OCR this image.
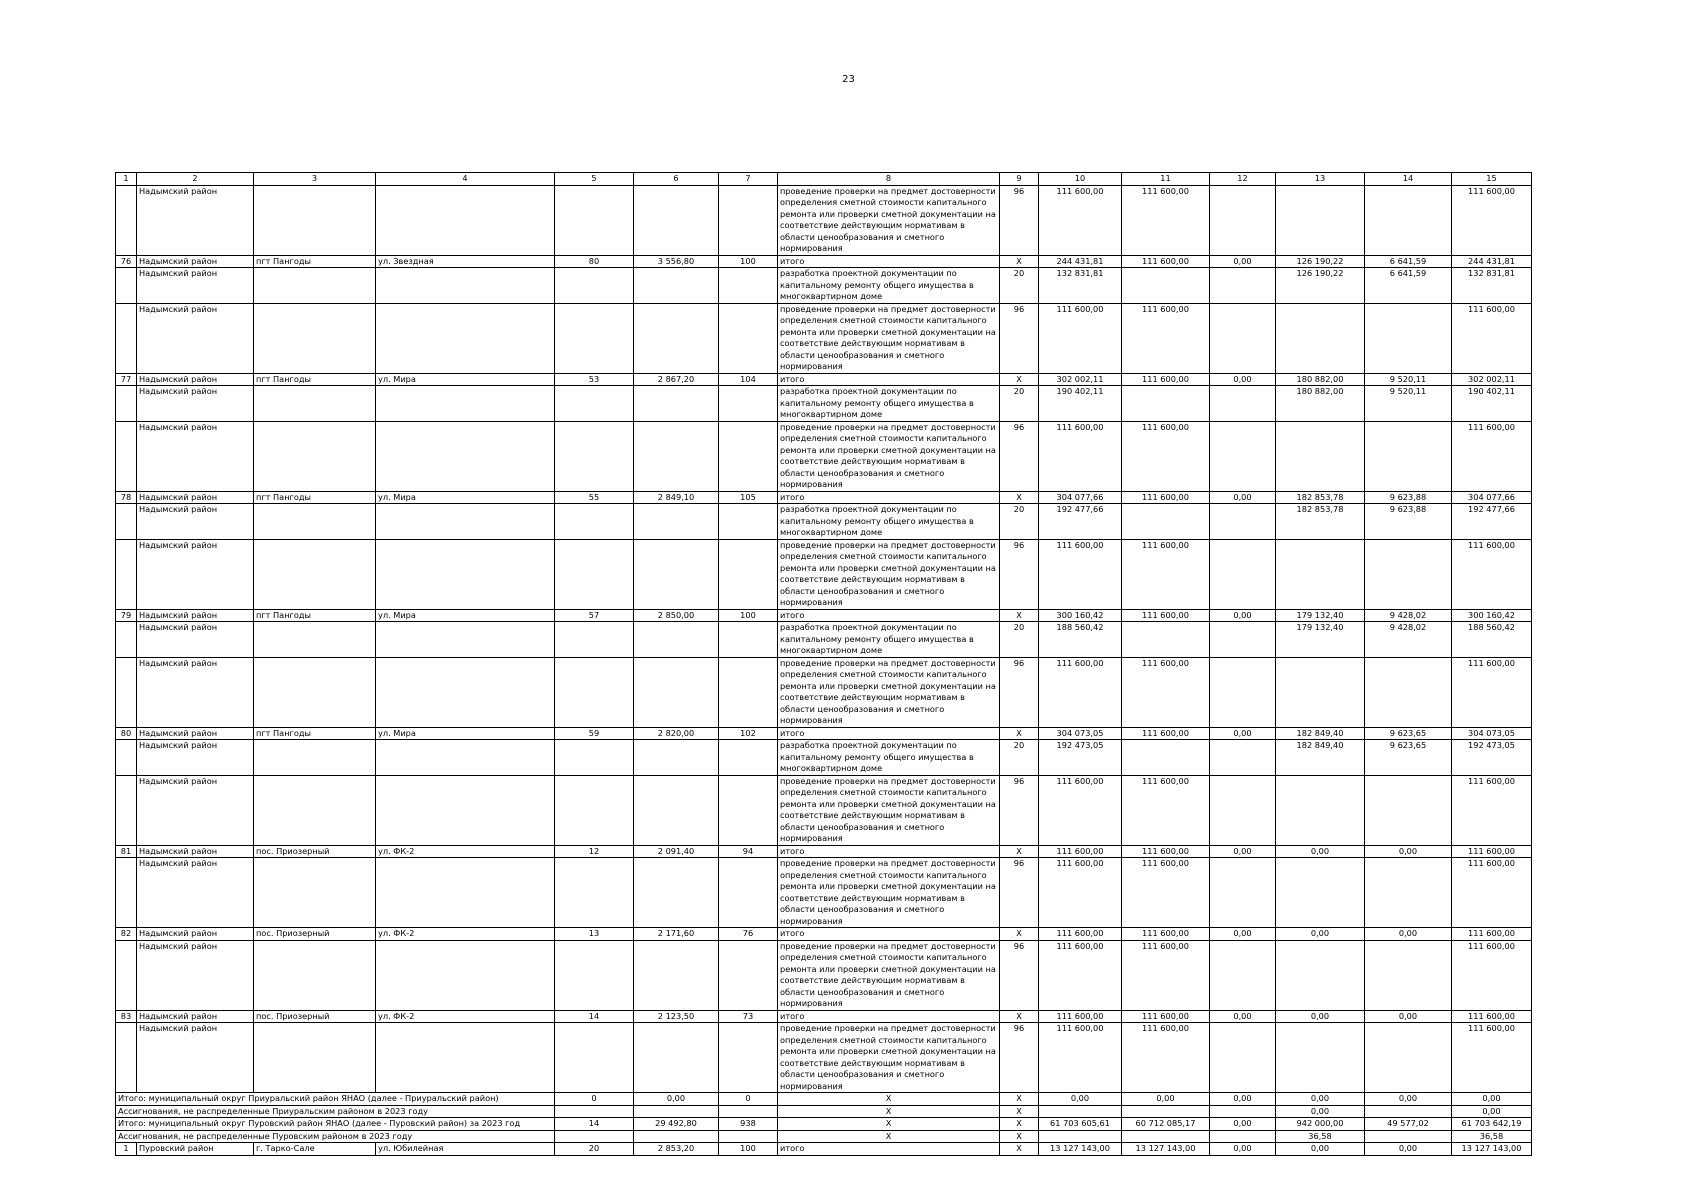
23
1	2	3	4	5	6	7	8	9	10	11	12	13	14	15
	Надымский район						проведение проверки на предмет достоверности определения сметной стоимости капитального ремонта или проверки сметной документации на соответствие действующим нормативам в области ценообразования и сметного нормирования	96	111 600,00	111 600,00				111 600,00
76	Надымский район	пгт Пангоды	ул. Звездная	80	3 556,80	100	итого	X	244 431,81	111 600,00	0,00	126 190,22	6 641,59	244 431,81
	Надымский район						разработка проектной документации по капитальному ремонту общего имущества в многоквартирном доме	20	132 831,81			126 190,22	6 641,59	132 831,81
	Надымский район						проведение проверки на предмет достоверности определения сметной стоимости капитального ремонта или проверки сметной документации на соответствие действующим нормативам в области ценообразования и сметного нормирования	96	111 600,00	111 600,00				111 600,00
77	Надымский район	пгт Пангоды	ул. Мира	53	2 867,20	104	итого	X	302 002,11	111 600,00	0,00	180 882,00	9 520,11	302 002,11
	Надымский район						разработка проектной документации по капитальному ремонту общего имущества в многоквартирном доме	20	190 402,11			180 882,00	9 520,11	190 402,11
	Надымский район						проведение проверки на предмет достоверности определения сметной стоимости капитального ремонта или проверки сметной документации на соответствие действующим нормативам в области ценообразования и сметного нормирования	96	111 600,00	111 600,00				111 600,00
78	Надымский район	пгт Пангоды	ул. Мира	55	2 849,10	105	итого	X	304 077,66	111 600,00	0,00	182 853,78	9 623,88	304 077,66
	Надымский район						разработка проектной документации по капитальному ремонту общего имущества в многоквартирном доме	20	192 477,66			182 853,78	9 623,88	192 477,66
	Надымский район						проведение проверки на предмет достоверности определения сметной стоимости капитального ремонта или проверки сметной документации на соответствие действующим нормативам в области ценообразования и сметного нормирования	96	111 600,00	111 600,00				111 600,00
79	Надымский район	пгт Пангоды	ул. Мира	57	2 850,00	100	итого	X	300 160,42	111 600,00	0,00	179 132,40	9 428,02	300 160,42
	Надымский район						разработка проектной документации по капитальному ремонту общего имущества в многоквартирном доме	20	188 560,42			179 132,40	9 428,02	188 560,42
	Надымский район						проведение проверки на предмет достоверности определения сметной стоимости капитального ремонта или проверки сметной документации на соответствие действующим нормативам в области ценообразования и сметного нормирования	96	111 600,00	111 600,00				111 600,00
80	Надымский район	пгт Пангоды	ул. Мира	59	2 820,00	102	итого	X	304 073,05	111 600,00	0,00	182 849,40	9 623,65	304 073,05
	Надымский район						разработка проектной документации по капитальному ремонту общего имущества в многоквартирном доме	20	192 473,05			182 849,40	9 623,65	192 473,05
	Надымский район						проведение проверки на предмет достоверности определения сметной стоимости капитального ремонта или проверки сметной документации на соответствие действующим нормативам в области ценообразования и сметного нормирования	96	111 600,00	111 600,00				111 600,00
81	Надымский район	пос. Приозерный	ул. ФК-2	12	2 091,40	94	итого	X	111 600,00	111 600,00	0,00	0,00	0,00	111 600,00
	Надымский район						проведение проверки на предмет достоверности определения сметной стоимости капитального ремонта или проверки сметной документации на соответствие действующим нормативам в области ценообразования и сметного нормирования	96	111 600,00	111 600,00				111 600,00
82	Надымский район	пос. Приозерный	ул. ФК-2	13	2 171,60	76	итого	X	111 600,00	111 600,00	0,00	0,00	0,00	111 600,00
	Надымский район						проведение проверки на предмет достоверности определения сметной стоимости капитального ремонта или проверки сметной документации на соответствие действующим нормативам в области ценообразования и сметного нормирования	96	111 600,00	111 600,00				111 600,00
83	Надымский район	пос. Приозерный	ул. ФК-2	14	2 123,50	73	итого	X	111 600,00	111 600,00	0,00	0,00	0,00	111 600,00
	Надымский район						проведение проверки на предмет достоверности определения сметной стоимости капитального ремонта или проверки сметной документации на соответствие действующим нормативам в области ценообразования и сметного нормирования	96	111 600,00	111 600,00				111 600,00
Итого: муниципальный округ Приуральский район ЯНАО (далее - Приуральский район)				0	0,00	0	X	X	0,00	0,00	0,00	0,00	0,00	0,00
Ассигнования, не распределенные Приуральским районом в 2023 году							X	X				0,00		0,00
Итого: муниципальный округ Пуровский район ЯНАО (далее - Пуровский район) за 2023 год				14	29 492,80	938	X	X	61 703 605,61	60 712 085,17	0,00	942 000,00	49 577,02	61 703 642,19
Ассигнования, не распределенные Пуровским районом в 2023 году							X	X				36,58		36,58
1	Пуровский район	г. Тарко-Сале	ул. Юбилейная	20	2 853,20	100	итого	X	13 127 143,00	13 127 143,00	0,00	0,00	0,00	13 127 143,00
